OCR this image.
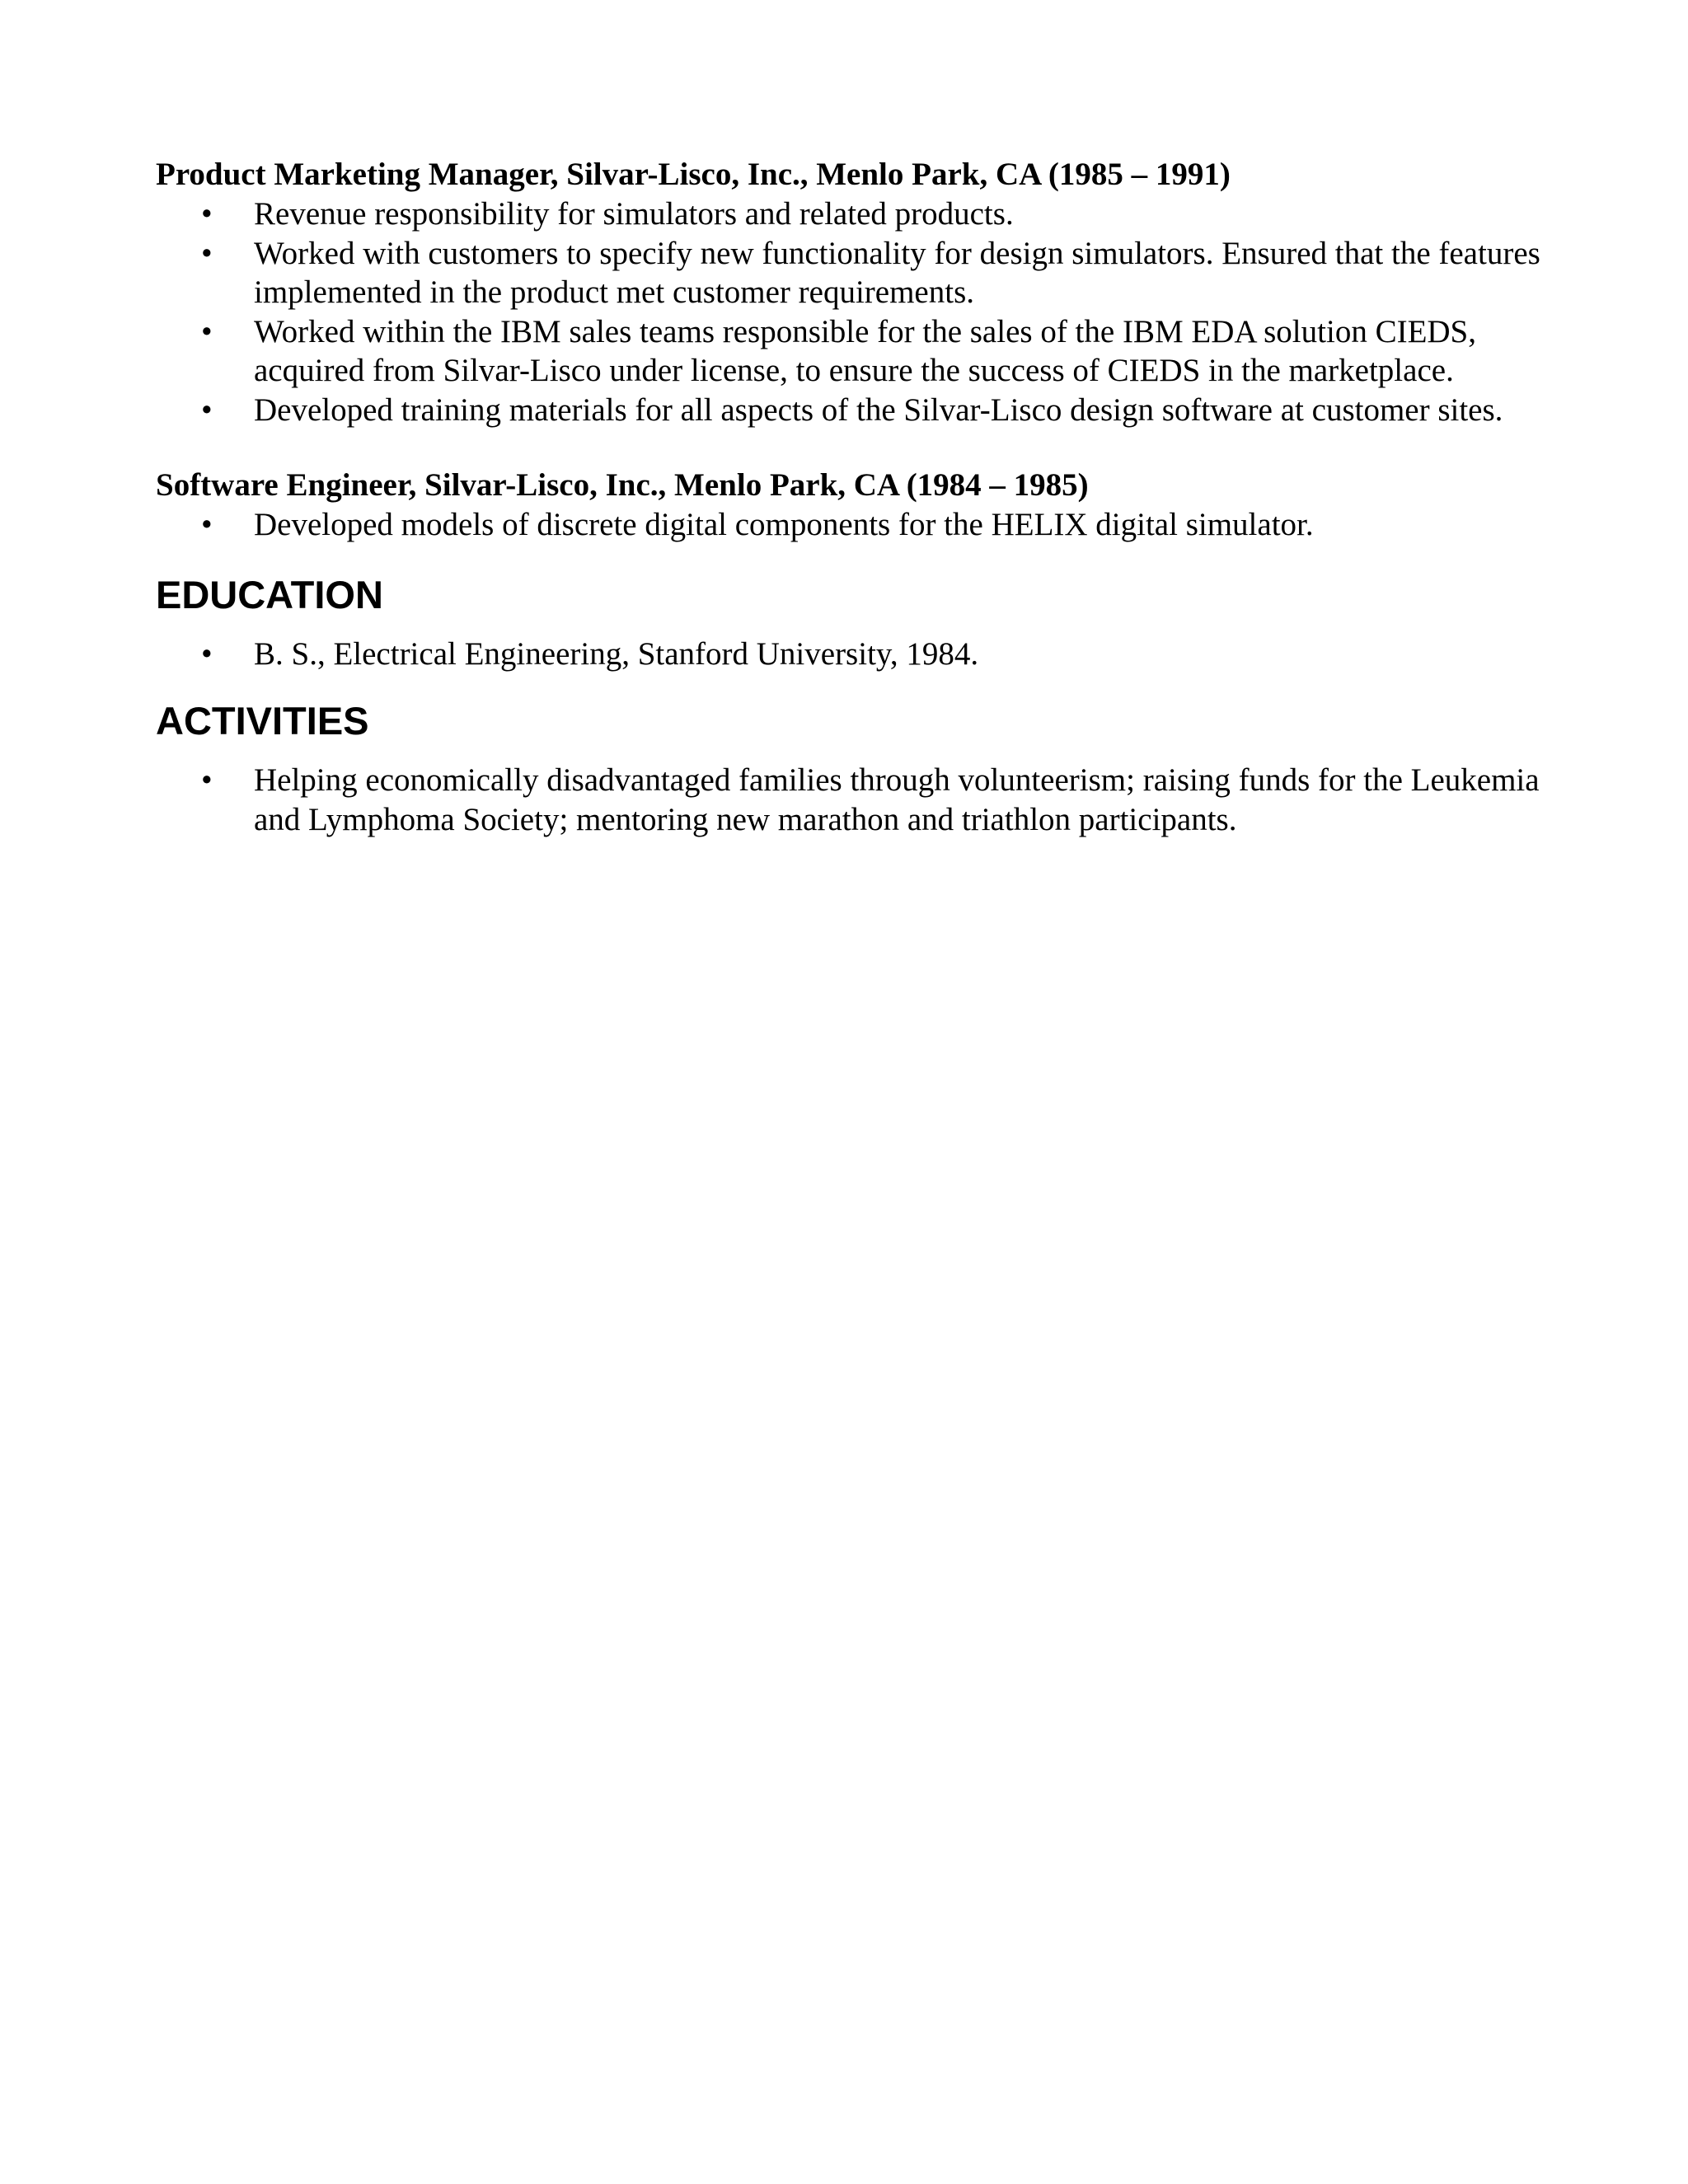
Product Marketing Manager, Silvar-Lisco, Inc., Menlo Park, CA (1985 – 1991)

• Revenue responsibility for simulators and related products.
• Worked with customers to specify new functionality for design simulators. Ensured that the features implemented in the product met customer requirements.
• Worked within the IBM sales teams responsible for the sales of the IBM EDA solution CIEDS, acquired from Silvar-Lisco under license, to ensure the success of CIEDS in the marketplace.
• Developed training materials for all aspects of the Silvar-Lisco design software at customer sites.

Software Engineer, Silvar-Lisco, Inc., Menlo Park, CA (1984 – 1985)

• Developed models of discrete digital components for the HELIX digital simulator.
EDUCATION
• B. S., Electrical Engineering, Stanford University, 1984.
ACTIVITIES
• Helping economically disadvantaged families through volunteerism; raising funds for the Leukemia and Lymphoma Society; mentoring new marathon and triathlon participants.
